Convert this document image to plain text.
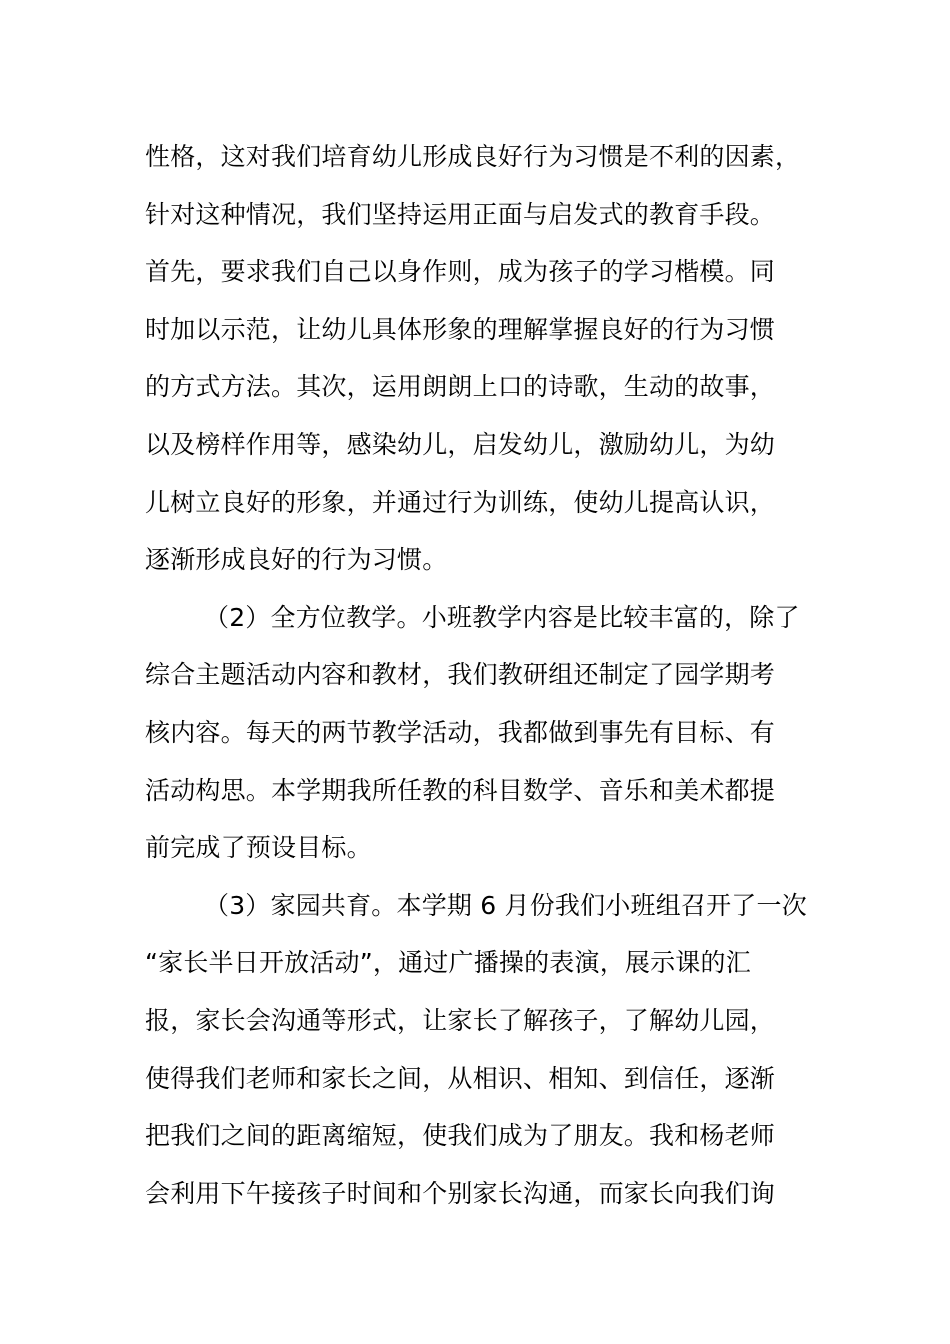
性格，这对我们培育幼儿形成良好行为习惯是不利的因素，
针对这种情况，我们坚持运用正面与启发式的教育手段。
首先，要求我们自己以身作则，成为孩子的学习楷模。同
时加以示范，让幼儿具体形象的理解掌握良好的行为习惯
的方式方法。其次，运用朗朗上口的诗歌，生动的故事，
以及榜样作用等，感染幼儿，启发幼儿，激励幼儿，为幼
儿树立良好的形象，并通过行为训练，使幼儿提高认识，
逐渐形成良好的行为习惯。
（2）全方位教学。小班教学内容是比较丰富的，除了
综合主题活动内容和教材，我们教研组还制定了园学期考
核内容。每天的两节教学活动，我都做到事先有目标、有
活动构思。本学期我所任教的科目数学、音乐和美术都提
前完成了预设目标。
（3）家园共育。本学期 6 月份我们小班组召开了一次
“家长半日开放活动”，通过广播操的表演，展示课的汇
报，家长会沟通等形式，让家长了解孩子，了解幼儿园，
使得我们老师和家长之间，从相识、相知、到信任，逐渐
把我们之间的距离缩短，使我们成为了朋友。我和杨老师
会利用下午接孩子时间和个别家长沟通，而家长向我们询
